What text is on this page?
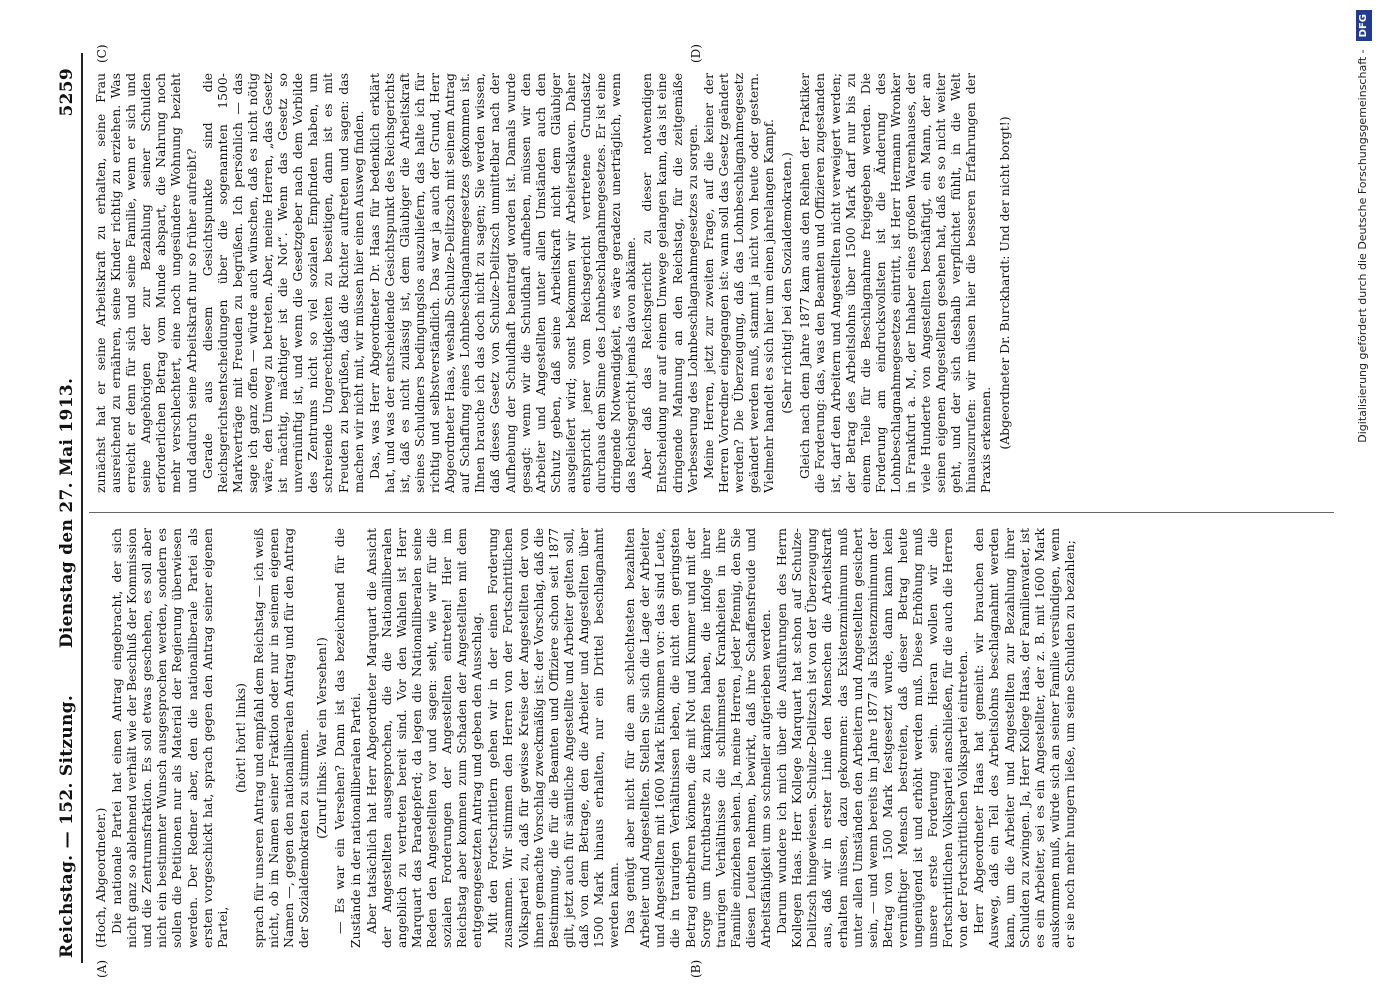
Reichstag. — 152. Sitzung.
Dienstag den 27. Mai 1913.
5259
(A)	(B)
(C)	(D)

(Hoch, Abgeordneter.) Die nationale Partei hat einen Antrag eingebracht, der sich nicht ganz so ablehnend verhält wie der Beschluß der Kommission und die Zentrumsfraktion. Es soll etwas geschehen, es soll aber nicht ein bestimmter Wunsch ausgesprochen werden, sondern es sollen die Petitionen nur als Material der Regierung überwiesen werden. Der Redner aber, den die nationalliberale Partei als ersten vorgeschickt hat, sprach gegen den Antrag seiner eigenen Partei,

(hört! hört! links) sprach für unseren Antrag und empfahl dem Reichstag — ich weiß nicht, ob im Namen seiner Fraktion oder nur in seinem eigenen Namen —, gegen den nationalliberalen Antrag und für den Antrag der Sozialdemokraten zu stimmen. (Zuruf links: War ein Versehen!) — Es war ein Versehen? Dann ist das bezeichnend für die Zustände in der nationalliberalen Partei. Aber tatsächlich hat Herr Abgeordneter Marquart die Ansicht der Angestellten ausgesprochen, die die Nationalliberalen angeblich zu vertreten bereit sind. Vor den Wahlen ist Herr Marquart das Paradepferd; da legen die Nationalliberalen seine Reden den Angestellten vor und sagen: seht, wie wir für die sozialen Forderungen der Angestellten eintreten! Hier im Reichstag aber kommen zum Schaden der Angestellten mit dem entgegengesetzten Antrag und geben den Ausschlag. Mit den Fortschrittlern gehen wir in der einen Forderung zusammen. Wir stimmen den Herren von der Fortschrittlichen Volkspartei zu, daß für gewisse Kreise der Angestellten der von ihnen gemachte Vorschlag zweckmäßig ist: der Vorschlag, daß die Bestimmung, die für die Beamten und Offiziere schon seit 1877 gilt, jetzt auch für sämtliche Angestellte und Arbeiter gelten soll, daß von dem Betrage, den die Arbeiter und Angestellten über 1500 Mark hinaus erhalten, nur ein Drittel beschlagnahmt werden kann. Das genügt aber nicht für die am schlechtesten bezahlten Arbeiter und Angestellten. Stellen Sie sich die Lage der Arbeiter und Angestellten mit 1600 Mark Einkommen vor: das sind Leute, die in traurigen Verhältnissen leben, die nicht den geringsten Betrag entbehren können, die mit Not und Kummer und mit der Sorge um furchtbarste zu kämpfen haben, die infolge ihrer traurigen Verhältnisse die schlimmsten Krankheiten in ihre Familie einziehen sehen. Ja, meine Herren, jeder Pfennig, den Sie diesen Leuten nehmen, bewirkt, daß ihre Schaffensfreude und Arbeitsfähigkeit um so schneller aufgerieben werden. Darum wundere ich mich über die Ausführungen des Herrn Kollegen Haas. Herr Kollege Marquart hat schon auf Schulze-Delitzsch hingewiesen. Schulze-Delitzsch ist von der Überzeugung aus, daß wir in erster Linie den Menschen die Arbeitskraft erhalten müssen, dazu gekommen: das Existenzminimum muß unter allen Umständen den Arbeitern und Angestellten gesichert sein, — und wenn bereits im Jahre 1877 als Existenzminimum der Betrag von 1500 Mark festgesetzt wurde, dann kann kein vernünftiger Mensch bestreiten, daß dieser Betrag heute ungenügend ist und erhöht werden muß. Diese Erhöhung muß unsere erste Forderung sein. Hieran wollen wir die Fortschrittlichen Volkspartei anschließen, für die auch die Herren von der Fortschrittlichen Volkspartei eintreten. Herr Abgeordneter Haas hat gemeint: wir brauchen den Ausweg, daß ein Teil des Arbeitslohns beschlagnahmt werden kann, um die Arbeiter und Angestellten zur Bezahlung ihrer Schulden zu zwingen. Ja, Herr Kollege Haas, der Familienvater, ist es ein Arbeiter, sei es ein Angestellter, der z. B. mit 1600 Mark auskommen muß, würde sich an seiner Familie versündigen, wenn er sie noch mehr hungern ließe, um seine Schulden zu bezahlen;

zunächst hat er seine Arbeitskraft zu erhalten, seine Frau ausreichend zu ernähren, seine Kinder richtig zu erziehen. Was erreicht er denn für sich und seine Familie, wenn er sich und seine Angehörigen der zur Bezahlung seiner Schulden erforderlichen Betrag vom Munde abspart, die Nahrung noch mehr verschlechtert, eine noch ungesündere Wohnung bezieht und dadurch seine Arbeitskraft nur so früher aufreibt? Gerade aus diesem Gesichtspunkte sind die Reichsgerichtsentscheidungen über die sogenannten 1500-Markverträge mit Freuden zu begrüßen. Ich persönlich — das sage ich ganz offen — würde auch wünschen, daß es nicht nötig wäre, den Umweg zu betreten. Aber, meine Herren, „das Gesetz ist mächtig, mächtiger ist die Not“. Wenn das Gesetz so unvernünftig ist, und wenn die Gesetzgeber nach dem Vorbilde des Zentrums nicht so viel sozialen Empfinden haben, um schreiende Ungerechtigkeiten zu beseitigen, dann ist es mit Freuden zu begrüßen, daß die Richter auftreten und sagen: das machen wir nicht mit, wir müssen hier einen Ausweg finden. Das, was Herr Abgeordneter Dr. Haas für bedenklich erklärt hat, und was der entscheidende Gesichtspunkt des Reichsgerichts ist, daß es nicht zulässig ist, dem Gläubiger die Arbeitskraft seines Schuldners bedingungslos auszuliefern, das halte ich für richtig und selbstverständlich. Das war ja auch der Grund, Herr Abgeordneter Haas, weshalb Schulze-Delitzsch mit seinem Antrag auf Schaffung eines Lohnbeschlagnahmegesetzes gekommen ist. Ihnen brauche ich das doch nicht zu sagen; Sie werden wissen, daß dieses Gesetz von Schulze-Delitzsch unmittelbar nach der Aufhebung der Schuldhaft beantragt worden ist. Damals wurde gesagt: wenn wir die Schuldhaft aufheben, müssen wir den Arbeiter und Angestellten unter allen Umständen auch den Schutz geben, daß seine Arbeitskraft nicht dem Gläubiger ausgeliefert wird; sonst bekommen wir Arbeitersklaven. Daher entspricht jener vom Reichsgericht vertretene Grundsatz durchaus dem Sinne des Lohnbeschlagnahmegesetzes. Er ist eine dringende Notwendigkeit, es wäre geradezu unerträglich, wenn das Reichsgericht jemals davon abkäme. Aber daß das Reichsgericht zu dieser notwendigen Entscheidung nur auf einem Umwege gelangen kann, das ist eine dringende Mahnung an den Reichstag, für die zeitgemäße Verbesserung des Lohnbeschlagnahmegesetzes zu sorgen. Meine Herren, jetzt zur zweiten Frage, auf die keiner der Herren Vorredner eingegangen ist: wann soll das Gesetz geändert werden? Die Überzeugung, daß das Lohnbeschlagnahmegesetz geändert werden muß, stammt ja nicht von heute oder gestern. Vielmehr handelt es sich hier um einen jahrelangen Kampf. (Sehr richtig! bei den Sozialdemokraten.) Gleich nach dem Jahre 1877 kam aus den Reihen der Praktiker die Forderung: das, was den Beamten und Offizieren zugestanden ist, darf den Arbeitern und Angestellten nicht verweigert werden; der Betrag des Arbeitslohns über 1500 Mark darf nur bis zu einem Teile für die Beschlagnahme freigegeben werden. Die Forderung am eindrucksvollsten ist die Änderung des Lohnbeschlagnahmegesetzes eintritt, ist Herr Hermann Wronker in Frankfurt a. M., der Inhaber eines großen Warenhauses, der viele Hunderte von Angestellten beschäftigt, ein Mann, der an seinen eigenen Angestellten gesehen hat, daß es so nicht weiter geht, und der sich deshalb verpflichtet fühlt, in die Welt hinauszurufen: wir müssen hier die besseren Erfahrungen der Praxis erkennen. (Abgeordneter Dr. Burckhardt: Und der nicht borgt!)	Digitalisierung gefördert durch die Deutsche Forschungsgemeinschaft -DFG
